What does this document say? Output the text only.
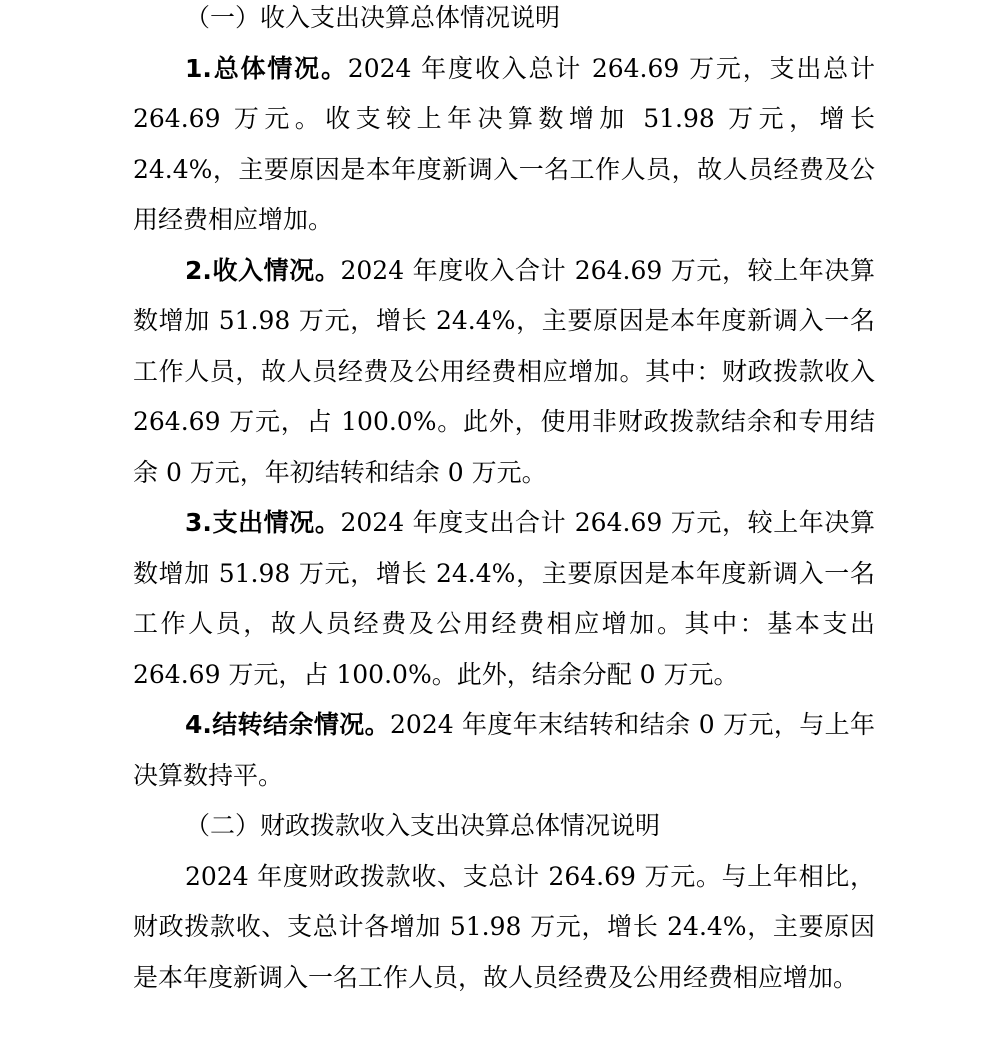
（一）收入支出决算总体情况说明

1.总体情况。2024 年度收入总计 264.69 万元，支出总计 264.69 万元。收支较上年决算数增加 51.98 万元，增长 24.4%，主要原因是本年度新调入一名工作人员，故人员经费及公用经费相应增加。

2.收入情况。2024 年度收入合计 264.69 万元，较上年决算数增加 51.98 万元，增长 24.4%，主要原因是本年度新调入一名工作人员，故人员经费及公用经费相应增加。其中：财政拨款收入 264.69 万元，占 100.0%。此外，使用非财政拨款结余和专用结余 0 万元，年初结转和结余 0 万元。

3.支出情况。2024 年度支出合计 264.69 万元，较上年决算数增加 51.98 万元，增长 24.4%，主要原因是本年度新调入一名工作人员，故人员经费及公用经费相应增加。其中：基本支出 264.69 万元，占 100.0%。此外，结余分配 0 万元。

4.结转结余情况。2024 年度年末结转和结余 0 万元，与上年决算数持平。

（二）财政拨款收入支出决算总体情况说明

2024 年度财政拨款收、支总计 264.69 万元。与上年相比，财政拨款收、支总计各增加 51.98 万元，增长 24.4%，主要原因是本年度新调入一名工作人员，故人员经费及公用经费相应增加。
